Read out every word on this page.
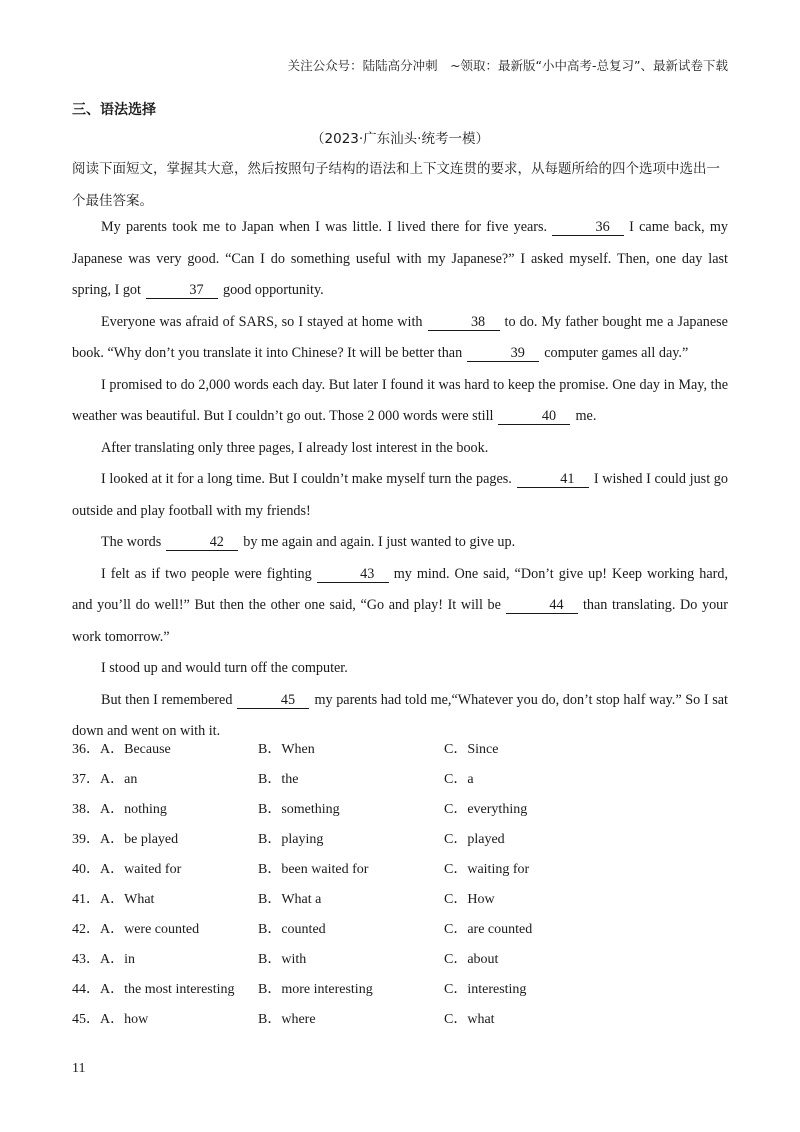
关注公众号：陆陆高分冲刺　~领取：最新版“小中高考-总复习”、最新试卷下载
三、语法选择
（2023·广东汕头·统考一模）
阅读下面短文，掌握其大意，然后按照句子结构的语法和上下文连贯的要求，从每题所给的四个选项中选出一个最佳答案。

My parents took me to Japan when I was little. I lived there for five years.	36 I came back, my Japanese was very good. “Can I do something useful with my Japanese?” I asked myself. Then, one day last spring, I got	37 good opportunity.

Everyone was afraid of SARS, so I stayed at home with	38 to do. My father bought me a Japanese book. “Why don’t you translate it into Chinese? It will be better than	39 computer games all day.”

I promised to do 2,000 words each day. But later I found it was hard to keep the promise. One day in May, the weather was beautiful. But I couldn’t go out. Those 2 000 words were still	40 me.

After translating only three pages, I already lost interest in the book.

I looked at it for a long time. But I couldn’t make myself turn the pages.	41 I wished I could just go outside and play football with my friends!

The words	42 by me again and again. I just wanted to give up.

I felt as if two people were fighting	43 my mind. One said, “Don’t give up! Keep working hard, and you’ll do well!” But then the other one said, “Go and play! It will be	44 than translating. Do your work tomorrow.”

I stood up and would turn off the computer.

But then I remembered	45 my parents had told me,“Whatever you do, don’t stop half way.” So I sat down and went on with it.

36． A．Because	B．When	C．Since
37． A．an	B．the	C．a
38． A．nothing	B．something	C．everything
39． A．be played	B．playing	C．played
40． A．waited for	B．been waited for	C．waiting for
41． A．What	B．What a	C．How
42． A．were counted	B．counted	C．are counted
43． A．in	B．with	C．about
44． A．the most interesting B．more interesting	C．interesting
45． A．how	B．where	C．what
11
